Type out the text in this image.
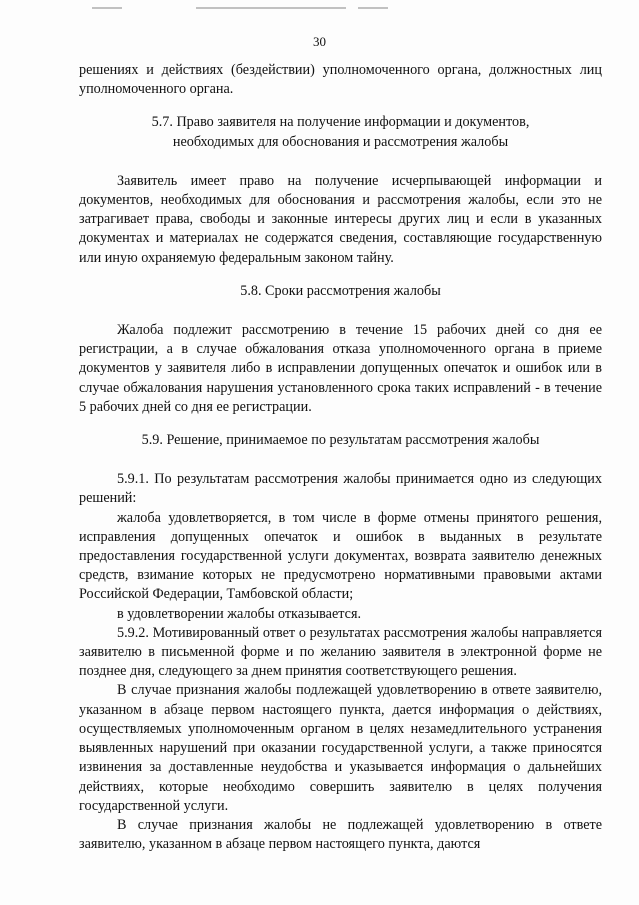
30

решениях и действиях (бездействии) уполномоченного органа, должностных лиц уполномоченного органа.

5.7. Право заявителя на получение информации и документов,

необходимых для обоснования и рассмотрения жалобы

Заявитель имеет право на получение исчерпывающей информации и документов, необходимых для обоснования и рассмотрения жалобы, если это не затрагивает права, свободы и законные интересы других лиц и если в указанных документах и материалах не содержатся сведения, составляющие государственную или иную охраняемую федеральным законом тайну.

5.8. Сроки рассмотрения жалобы

Жалоба подлежит рассмотрению в течение 15 рабочих дней со дня ее регистрации, а в случае обжалования отказа уполномоченного органа в приеме документов у заявителя либо в исправлении допущенных опечаток и ошибок или в случае обжалования нарушения установленного срока таких исправлений - в течение 5 рабочих дней со дня ее регистрации.

5.9. Решение, принимаемое по результатам рассмотрения жалобы

5.9.1. По результатам рассмотрения жалобы принимается одно из следующих решений:

жалоба удовлетворяется, в том числе в форме отмены принятого решения, исправления допущенных опечаток и ошибок в выданных в результате предоставления государственной услуги документах, возврата заявителю денежных средств, взимание которых не предусмотрено нормативными правовыми актами Российской Федерации, Тамбовской области;

в удовлетворении жалобы отказывается.

5.9.2. Мотивированный ответ о результатах рассмотрения жалобы направляется заявителю в письменной форме и по желанию заявителя в электронной форме не позднее дня, следующего за днем принятия соответствующего решения.

В случае признания жалобы подлежащей удовлетворению в ответе заявителю, указанном в абзаце первом настоящего пункта, дается информация о действиях, осуществляемых уполномоченным органом в целях незамедлительного устранения выявленных нарушений при оказании государственной услуги, а также приносятся извинения за доставленные неудобства и указывается информация о дальнейших действиях, которые необходимо совершить заявителю в целях получения государственной услуги.

В случае признания жалобы не подлежащей удовлетворению в ответе заявителю, указанном в абзаце первом настоящего пункта, даются
